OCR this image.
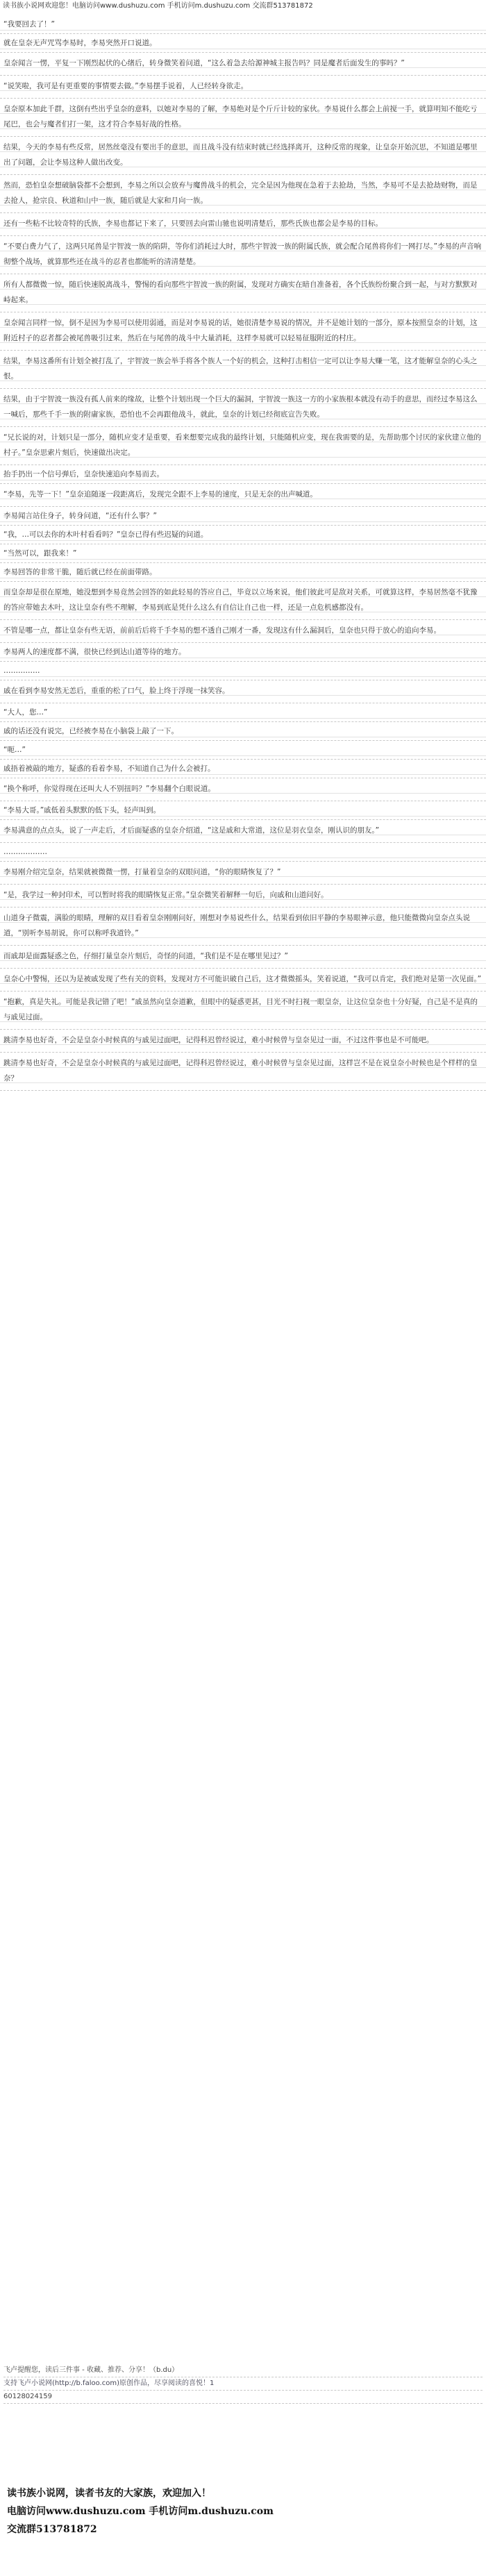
读书族小说网欢迎您！电脑访问www.dushuzu.com 手机访问m.dushuzu.com 交流群513781872

“我要回去了！”

就在皇奈无声咒骂李易时，李易突然开口说道。

皇奈闻言一愣，平复一下刚烈起伏的心绪后，转身微笑着问道，“这么着急去给源神城主报告吗？同是魔者后面发生的事吗？”

“说笑啦，我可是有更重要的事情要去做。”李易摆手说着，人已经转身欲走。

皇奈原本加此千群，这倒有些出乎皇奈的意料，以她对李易的了解，李易绝对是个斤斤计较的家伙。李易说什么都会上前搅一手，就算明知不能吃亏尾巴，也会与魔者们打一架，这才符合李易好战的性格。

结果，今天的李易有些反常，居然丝毫没有要出手的意思，而且战斗没有结束时就已经选择离开，这种反常的现象，让皇奈开始沉思，不知道是哪里出了问题，会让李易这种人做出改变。

然而，恐怕皇奈想破脑袋都不会想到，李易之所以会放弃与魔兽战斗的机会，完全是因为他现在急着于去抢劫，当然，李易可不是去抢劫财物，而是去抢人，抢宗良、秋道和山中一族，随后就是大家和月向一族。

还有一些粘不比较奇特的氏族，李易也都记下来了，只要回去向雷山驰也说明清楚后，那些氏族也都会是李易的目标。

“不要白费力气了，这两只尾兽是宇智波一族的陷阱，等你们消耗过大时，那些宇智波一族的附属氏族，就会配合尾兽将你们一网打尽。”李易的声音响彻整个战场，就算那些还在战斗的忍者也都能听的清清楚楚。

所有人都微微一惊，随后快速脱离战斗，警惕的看向那些宇智波一族的附属，发现对方确实在暗自准备着，各个氏族纷纷聚合到一起，与对方默默对峙起来。

皇奈闻言同样一惊，倒不是因为李易可以使用弱通，而是对李易说的话，她很清楚李易说的情况，并不是她计划的一部分，原本按照皇奈的计划，这附近村子的忍者都会被尾兽吸引过来，然后在与尾兽的战斗中大量消耗，这样李易就可以轻易征服附近的村庄。

结果，李易这番所有计划全被打乱了，宇智波一族会举手将各个族人一个好的机会，这种打击相信一定可以让李易大赚一笔，这才能解皇奈的心头之恨。

结果，由于宇智波一族没有孤人前来的缘故，让整个计划出现一个巨大的漏洞，宇智波一族这一方的小家族根本就没有动手的意思，而经过李易这么一喊后，那些千手一族的附庸家族，恐怕也不会再跟他战斗，就此，皇奈的计划已经彻底宣告失败。

“兄长说的对，计划只是一部分，随机应变才是重要，看来想要完成我的最终计划，只能随机应变，现在我需要的是，先帮助那个讨厌的家伙建立他的村子。”皇奈思索片刻后，快速做出决定。

抬手扔出一个信号弹后，皇奈快速追向李易而去。

“李易，先等一下！”皇奈追随逐一段距离后，发现完全跟不上李易的速度，只是无奈的出声喊道。

李易闻言站住身子，转身问道，“还有什么事？”

“我，…可以去你的木叶村看看吗？”皇奈已得有些迟疑的问道。

“当然可以，跟我来！”

李易回答的非常干脆，随后就已经在前面带路。

而皇奈却是很在原地，她没想到李易竟然会回答的如此轻易的答应自己，毕竟以立场来说，他们彼此可是敌对关系，可就算这样，李易居然毫不犹豫的答应带她去木叶，这让皇奈有些不理解，李易到底是凭什么这么有自信让自己也一样，还是一点危机感都没有。

不管是哪一点，都让皇奈有些无语，前前后后将千手李易的想不透自己刚才一番，发现这有什么漏洞后，皇奈也只得于放心的追向李易。

李易两人的速度都不满，很快已经到达山道等待的地方。

……………

戚在看到李易安然无恙后，重重的松了口气，脸上终于浮现一抹笑容。

“大人，您…”

戚的话还没有说完，已经被李易在小脑袋上敲了一下。

“呃…”

戚捂着被敲的地方，疑惑的看着李易，不知道自己为什么会被打。

“换个称呼，你觉得现在还叫大人不别扭吗？”李易翻个白眼说道。

“李易大哥。”戚低着头默默的低下头，轻声叫到。

李易满意的点点头，说了一声走后，才后面疑惑的皇奈介绍道，“这是戚和大常道，这位是羽衣皇奈，刚认识的朋友。”

………………

李易刚介绍完皇奈，结果就被微微一愣，打量着皇奈的双眼问道，“你的眼睛恢复了？”

“是，我学过一种封印术，可以暂时将我的眼睛恢复正常。”皇奈微笑着解释一句后，向戚和山道问好。

山道身子微震，满脸的眼睛，理解的双目看着皇奈刚刚问好，刚想对李易说些什么，结果看到依旧平静的李易眼神示意，他只能微微向皇奈点头说道，“别听李易胡说，你可以称呼我道铃。”

而戚却是面露疑惑之色，仔细打量皇奈片刻后，奇怪的问道，“我们是不是在哪里见过？”

皇奈心中警惕，还以为是被戚发现了些有关的资料，发现对方不可能识破自己后，这才微微摇头，笑着说道，“我可以肯定，我们绝对是第一次见面。”

“抱歉，真是失礼。可能是我记错了吧！”戚虽然向皇奈道歉，但眼中的疑惑更甚，目光不时扫视一眼皇奈，让这位皇奈也十分好疑，自己是不是真的与戚见过面。

跳清李易也好奇，不会是皇奈小时候真的与戚见过面吧，记得科迟曾经说过，难小时候曾与皇奈见过一面，不过这件事也是不可能吧。

跳清李易也好奇，不会是皇奈小时候真的与戚见过面吧，记得科迟曾经说过，难小时候曾与皇奈见过面，这样岂不是在说皇奈小时候也是个样样的皇奈？

飞卢提醒您，读后三件事 - 收藏、推荐、分享！（b.du）
支持飞卢小说网(http://b.faloo.com)原创作品，尽享阅读的喜悦！1
60128024159
读书族小说网，读者书友的大家族，欢迎加入！
电脑访问www.dushuzu.com 手机访问m.dushuzu.com
交流群513781872
